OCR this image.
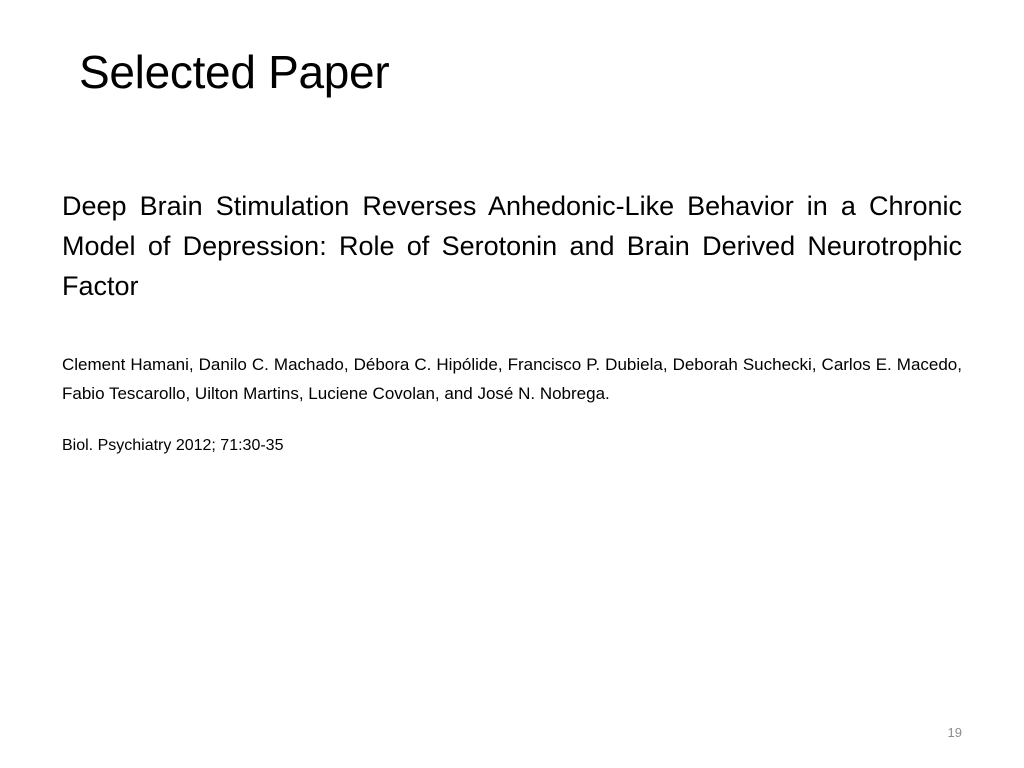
Selected Paper

Deep Brain Stimulation Reverses Anhedonic-Like Behavior in a Chronic Model of Depression: Role of Serotonin and Brain Derived Neurotrophic Factor

Clement Hamani, Danilo C. Machado, Débora C. Hipólide, Francisco P. Dubiela, Deborah Suchecki, Carlos E. Macedo, Fabio Tescarollo, Uilton Martins, Luciene Covolan, and José N. Nobrega.

Biol. Psychiatry 2012; 71:30-35

19
